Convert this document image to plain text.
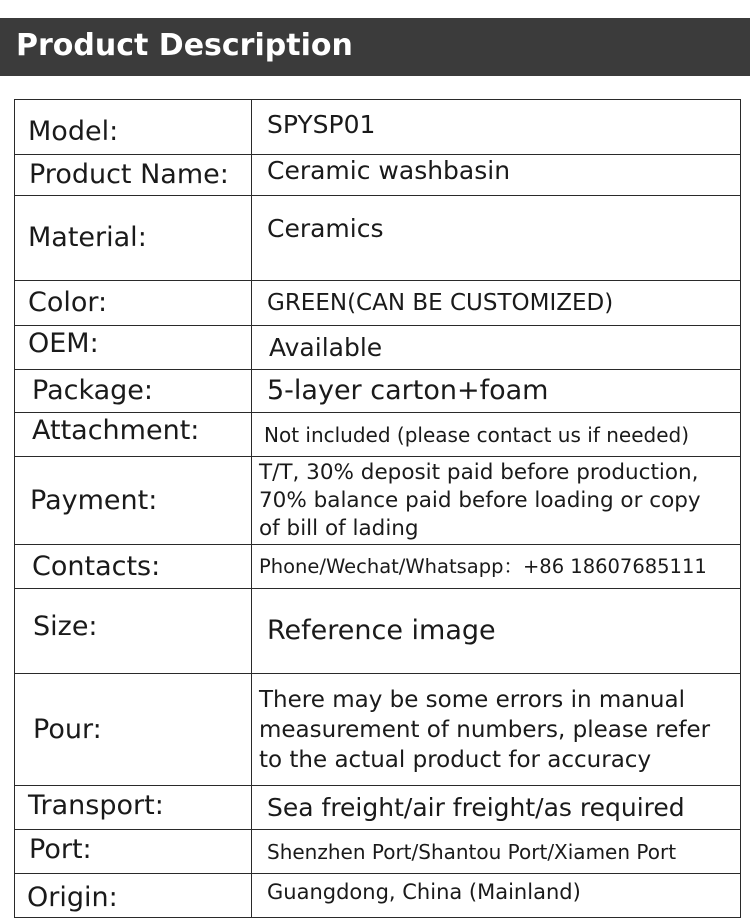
Product Description
Model:	SPYSP01

Product Name:	Ceramic washbasin

Material:	Ceramics

Color:	GREEN(CAN BE CUSTOMIZED)

OEM:	Available

Package:	5-layer carton+foam

Attachment:	Not included (please contact us if needed)

Payment:	T/T, 30% deposit paid before production,
70% balance paid before loading or copy
of bill of lading

Contacts:	Phone/Wechat/Whatsapp：+86 18607685111

Size:	Reference image

Pour:	There may be some errors in manual
measurement of numbers, please refer
to the actual product for accuracy

Transport:	Sea freight/air freight/as required

Port:	Shenzhen Port/Shantou Port/Xiamen Port

Origin:	Guangdong, China (Mainland)
